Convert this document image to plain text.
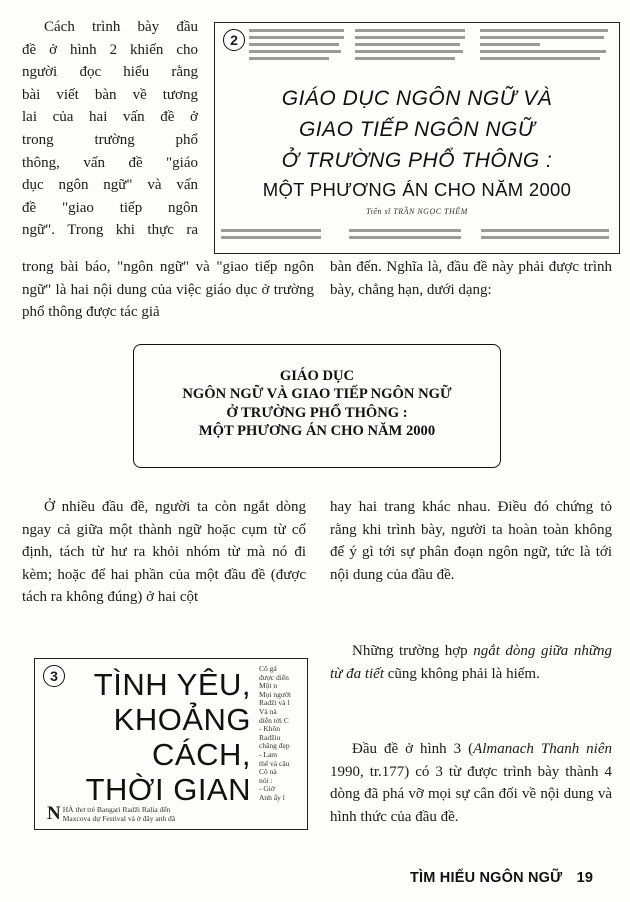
2
GIÁO DỤC NGÔN NGỮ VÀ
GIAO TIẾP NGÔN NGỮ
Ở TRƯỜNG PHỔ THÔNG :
MỘT PHƯƠNG ÁN CHO NĂM 2000
Tiến sĩ TRẦN NGỌC THÊM
Cách trình bày đầu
đề ở hình 2 khiến cho
người đọc hiểu rằng
bài viết bàn về tương
lai của hai vấn đề ở
trong trường phổ
thông, vấn đề "giáo
dục ngôn ngữ" và vấn
đề "giao tiếp ngôn
ngữ". Trong khi thực ra

trong bài báo, "ngôn ngữ" và "giao tiếp ngôn ngữ" là hai nội dung của việc giáo dục ở trường phổ thông được tác giả

bàn đến. Nghĩa là, đầu đề này phải được trình bày, chẳng hạn, dưới dạng:

GIÁO DỤC
NGÔN NGỮ VÀ GIAO TIẾP NGÔN NGỮ
Ở TRƯỜNG PHỔ THÔNG :
MỘT PHƯƠNG ÁN CHO NĂM 2000

Ở nhiều đầu đề, người ta còn ngắt dòng ngay cả giữa một thành ngữ hoặc cụm từ cố định, tách từ hư ra khỏi nhóm từ mà nó đi kèm; hoặc để hai phần của một đầu đề (được tách ra không đúng) ở hai cột

hay hai trang khác nhau. Điều đó chứng tỏ rằng khi trình bày, người ta hoàn toàn không để ý gì tới sự phân đoạn ngôn ngữ, tức là tới nội dung của đầu đề.

Những trường hợp ngắt dòng giữa những từ đa tiết cũng không phải là hiếm.

Đầu đề ở hình 3 (Almanach Thanh niên 1990, tr.177) có 3 từ được trình bày thành 4 dòng đã phá vỡ mọi sự cân đối về nội dung và hình thức của đầu đề.

3	TÌNH YÊU,
KHOẢNG
CÁCH,
THỜI GIAN
Cô gá
được diễn
Một n
Mọi người
Radži và l
Và nà
diễn tới C
- Khôn
Radžiu
chăng đẹp
- Lam
thể và câu
Cô nà
nói :
- Giờ
Anh ấy l
N HÀ thơ trẻ Bangari Radži Ralia đến
Maxcova dự Festival và ở đây anh đã
TÌM HIỂU NGÔN NGỮ 19
